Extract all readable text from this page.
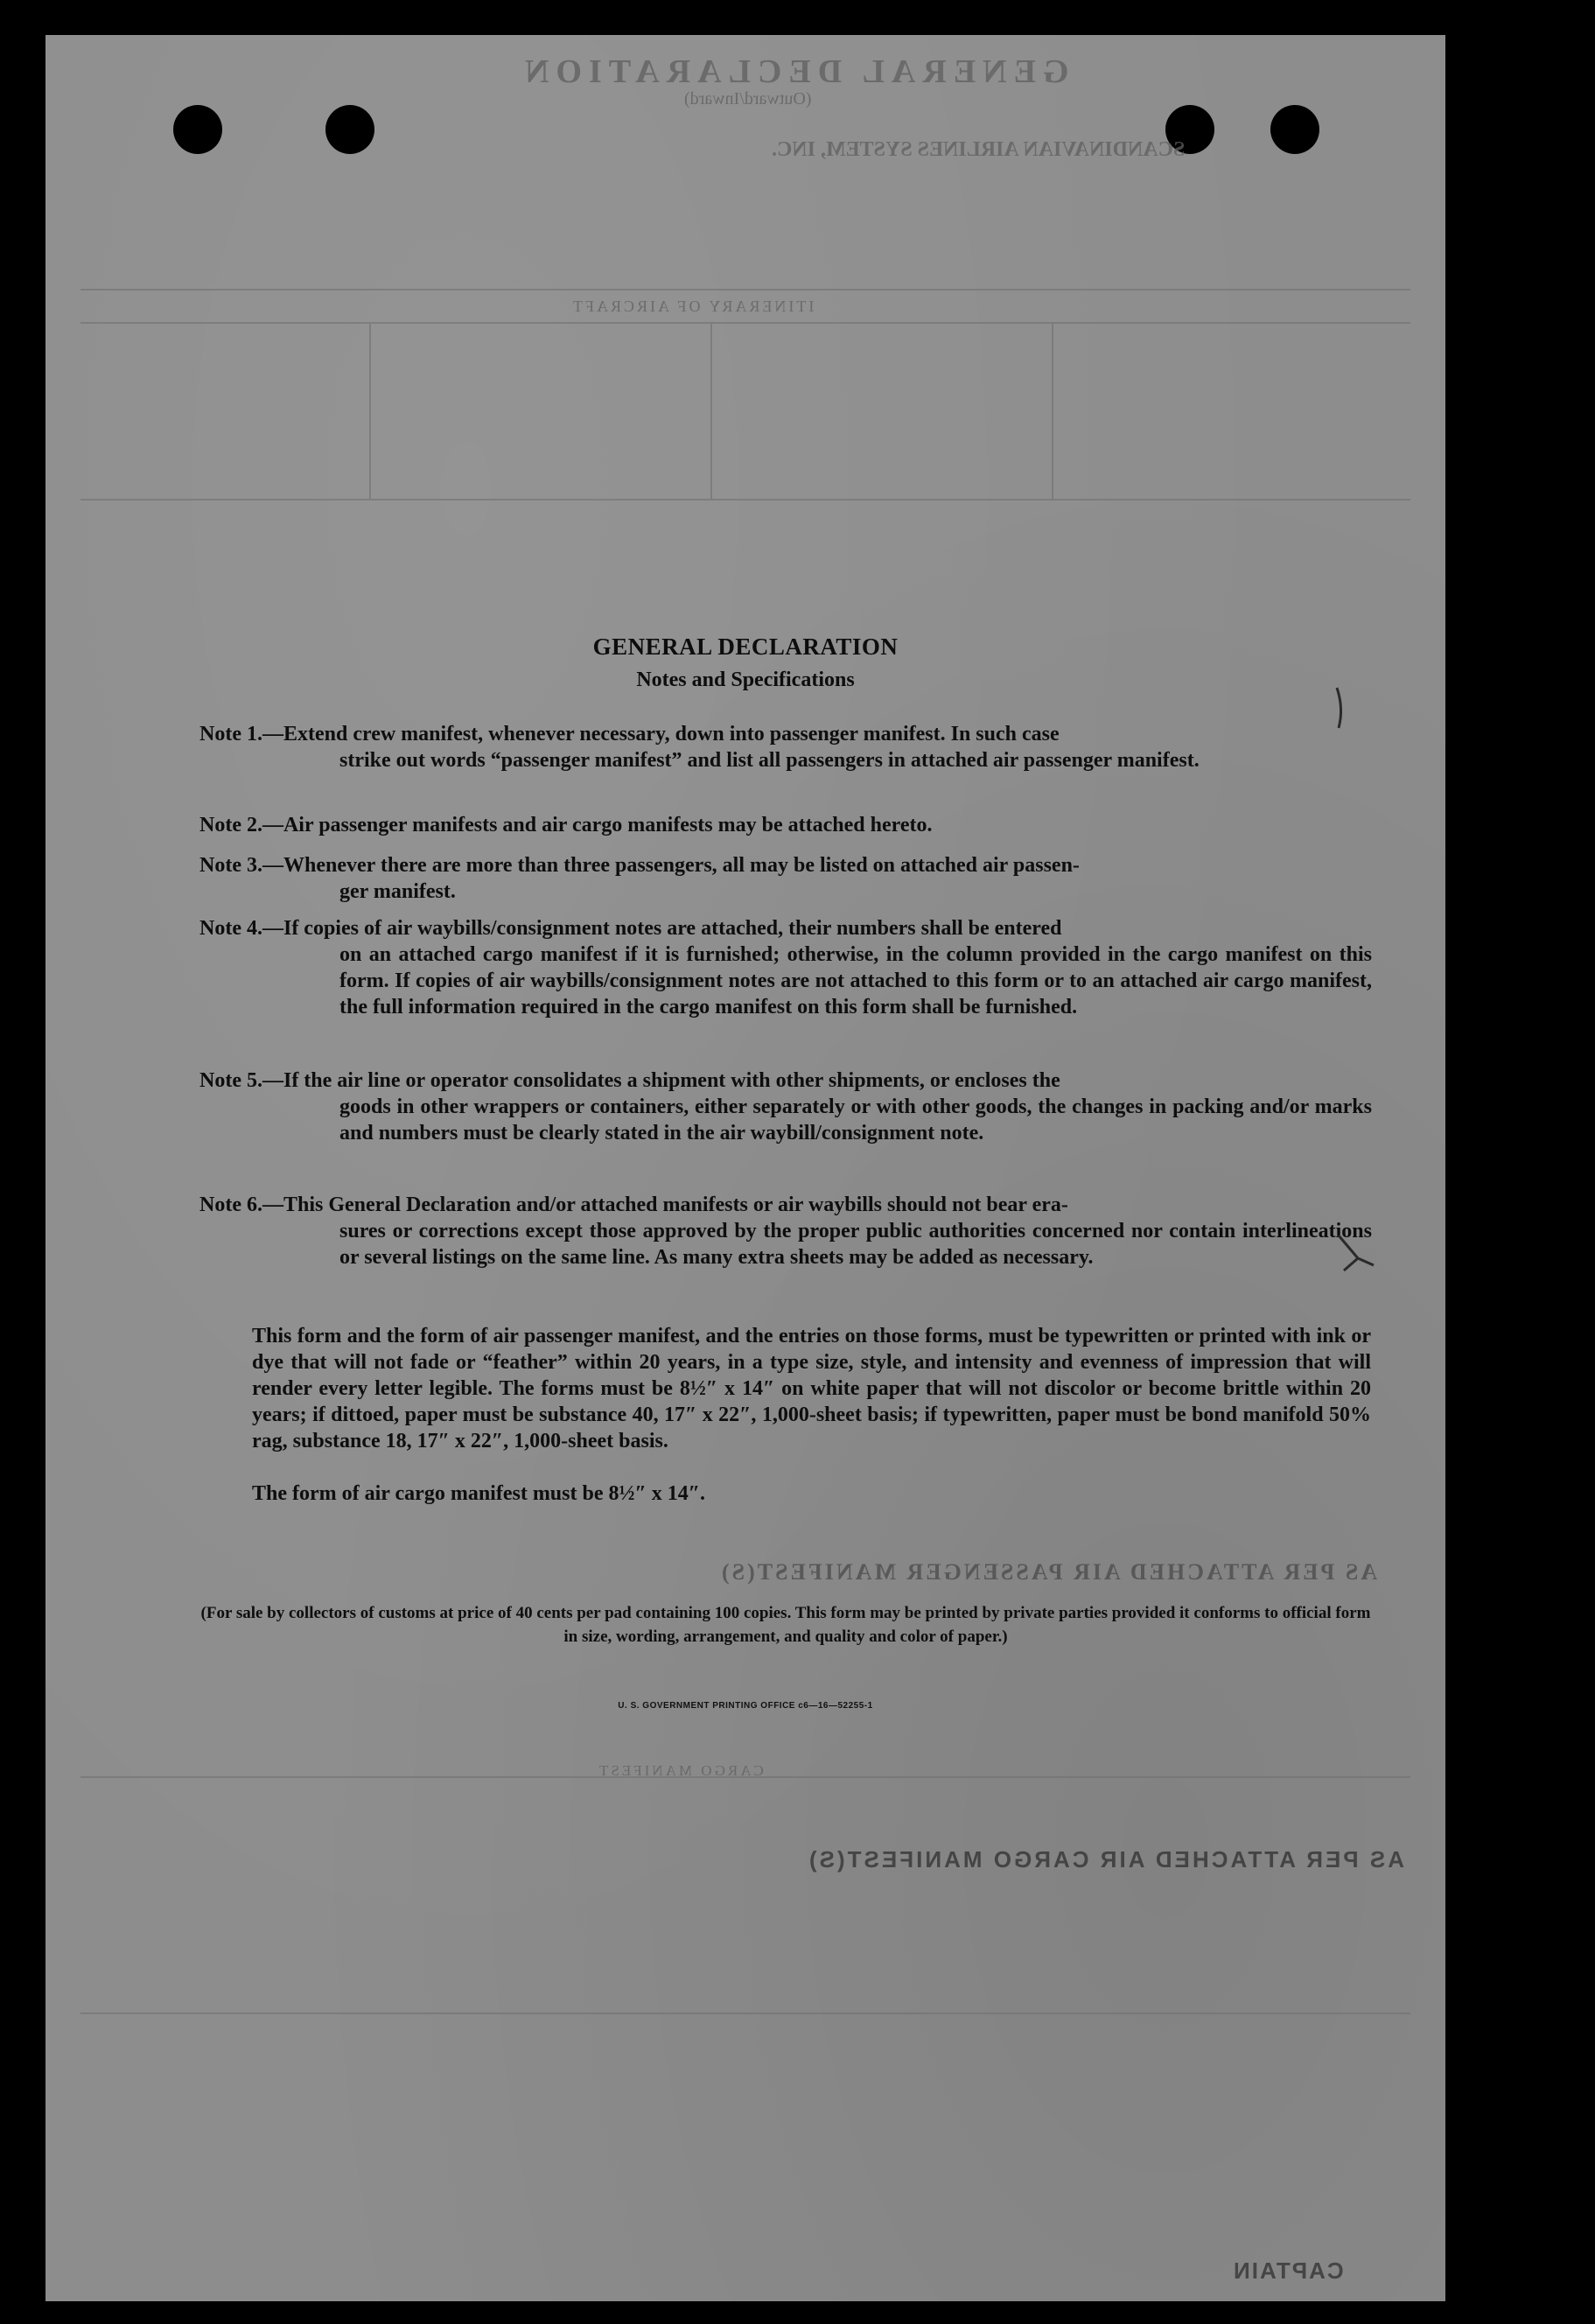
GENERAL DECLARATION
(Outward/Inward)
SCANDINAVIAN AIRLINES SYSTEM, INC.
ITINERARY OF AIRCRAFT
AS PER ATTACHED AIR PASSENGER MANIFEST(S)
CARGO MANIFEST
AS PER ATTACHED AIR CARGO MANIFEST(S)
CAPTAIN
GENERAL DECLARATION
Notes and Specifications
Note 1.—Extend crew manifest, whenever necessary, down into passenger manifest. In such case
strike out words “passenger manifest” and list all passengers in attached air passenger manifest.
Note 2.—Air passenger manifests and air cargo manifests may be attached hereto.
Note 3.—Whenever there are more than three passengers, all may be listed on attached air passen-
ger manifest.
Note 4.—If copies of air waybills/consignment notes are attached, their numbers shall be entered
on an attached cargo manifest if it is furnished; otherwise, in the column provided in the cargo manifest on this form. If copies of air waybills/consignment notes are not attached to this form or to an attached air cargo manifest, the full information required in the cargo manifest on this form shall be furnished.
Note 5.—If the air line or operator consolidates a shipment with other shipments, or encloses the
goods in other wrappers or containers, either separately or with other goods, the changes in packing and/or marks and numbers must be clearly stated in the air waybill/consignment note.
Note 6.—This General Declaration and/or attached manifests or air waybills should not bear era-
sures or corrections except those approved by the proper public authorities concerned nor contain interlineations or several listings on the same line. As many extra sheets may be added as necessary.
This form and the form of air passenger manifest, and the entries on those forms, must be typewritten or printed with ink or dye that will not fade or “feather” within 20 years, in a type size, style, and intensity and evenness of impression that will render every letter legible. The forms must be 8½″ x 14″ on white paper that will not discolor or become brittle within 20 years; if dittoed, paper must be substance 40, 17″ x 22″, 1,000-sheet basis; if typewritten, paper must be bond manifold 50% rag, substance 18, 17″ x 22″, 1,000-sheet basis.
The form of air cargo manifest must be 8½″ x 14″.
(For sale by collectors of customs at price of 40 cents per pad containing 100 copies. This form may be printed by private parties provided it conforms to official form in size, wording, arrangement, and quality and color of paper.)
U. S. GOVERNMENT PRINTING OFFICE c6—16—52255-1
